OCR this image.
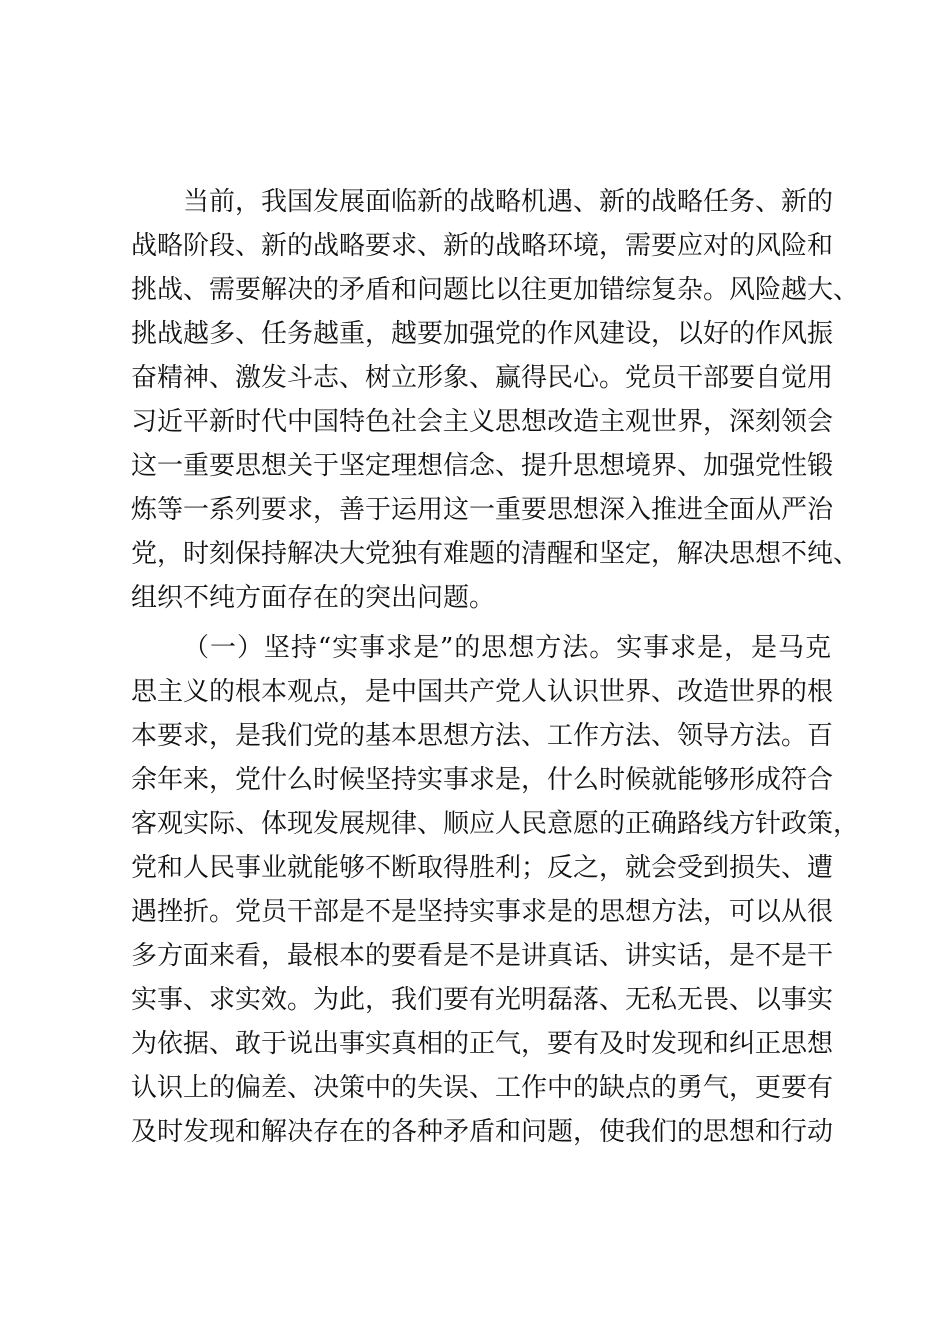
当前，我国发展面临新的战略机遇、新的战略任务、新的
战略阶段、新的战略要求、新的战略环境，需要应对的风险和
挑战、需要解决的矛盾和问题比以往更加错综复杂。风险越大、
挑战越多、任务越重，越要加强党的作风建设，以好的作风振
奋精神、激发斗志、树立形象、赢得民心。党员干部要自觉用
习近平新时代中国特色社会主义思想改造主观世界，深刻领会
这一重要思想关于坚定理想信念、提升思想境界、加强党性锻
炼等一系列要求，善于运用这一重要思想深入推进全面从严治
党，时刻保持解决大党独有难题的清醒和坚定，解决思想不纯、
组织不纯方面存在的突出问题。
（一）坚持“实事求是”的思想方法。实事求是，是马克
思主义的根本观点，是中国共产党人认识世界、改造世界的根
本要求，是我们党的基本思想方法、工作方法、领导方法。百
余年来，党什么时候坚持实事求是，什么时候就能够形成符合
客观实际、体现发展规律、顺应人民意愿的正确路线方针政策，
党和人民事业就能够不断取得胜利；反之，就会受到损失、遭
遇挫折。党员干部是不是坚持实事求是的思想方法，可以从很
多方面来看，最根本的要看是不是讲真话、讲实话，是不是干
实事、求实效。为此，我们要有光明磊落、无私无畏、以事实
为依据、敢于说出事实真相的正气，要有及时发现和纠正思想
认识上的偏差、决策中的失误、工作中的缺点的勇气，更要有
及时发现和解决存在的各种矛盾和问题，使我们的思想和行动
